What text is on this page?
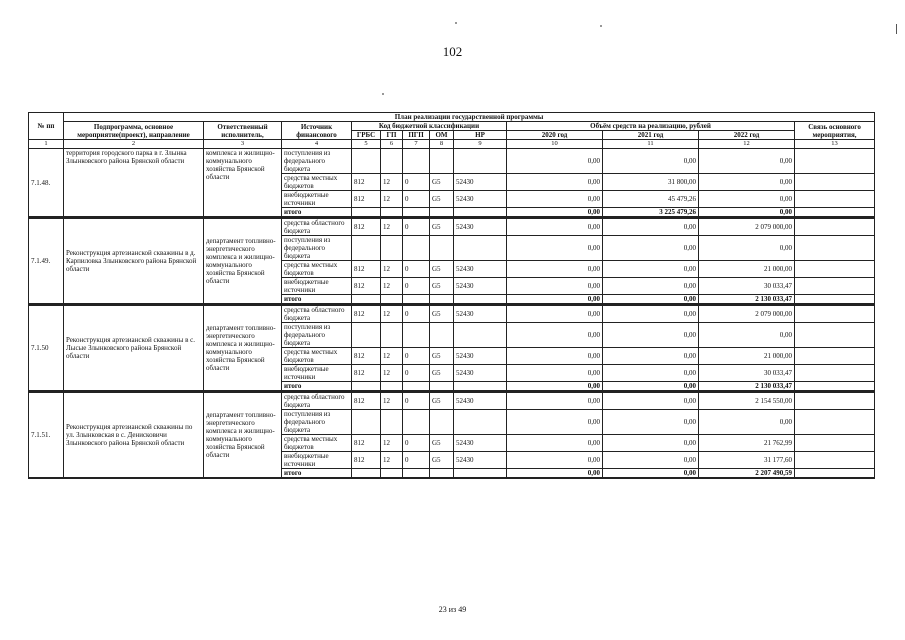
102
№ пп	План реализации государственной программы											
	Подпрограмма, основное мероприятие(проект), направление	Ответственный исполнитель,	Источник финансового	Код бюджетной классификации					Объём средств на реализацию, рублей			Связь основного мероприятия,
				ГРБС	ГП	ПГП	ОМ	НР	2020 год	2021 год	2022 год	
1	2	3	4	5	6	7	8	9	10	11	12	13
7.1.48.	территория городского парка в г. Злынка Злынковского района Брянской области	комплекса и жилищно-коммунального хозяйства Брянской области	поступления из федерального бюджета						0,00	0,00	0,00	
			средства местных бюджетов	812	12	0	G5	52430	0,00	31 800,00	0,00	
			внебюджетные источники	812	12	0	G5	52430	0,00	45 479,26	0,00	
			итого						0,00	3 225 479,26	0,00	
7.1.49.	Реконструкция артезианской скважины в д. Карпиловка Злынковского района Брянской области	департамент топливно-энергетического комплекса и жилищно-коммунального хозяйства Брянской области	средства областного бюджета	812	12	0	G5	52430	0,00	0,00	2 079 000,00	
			поступления из федерального бюджета						0,00	0,00	0,00	
			средства местных бюджетов	812	12	0	G5	52430	0,00	0,00	21 000,00	
			внебюджетные источники	812	12	0	G5	52430	0,00	0,00	30 033,47	
			итого						0,00	0,00	2 130 033,47	
7.1.50	Реконструкция артезианской скважины в с. Лысые Злынковского района Брянской области	департамент топливно-энергетического комплекса и жилищно-коммунального хозяйства Брянской области	средства областного бюджета	812	12	0	G5	52430	0,00	0,00	2 079 000,00	
			поступления из федерального бюджета						0,00	0,00	0,00	
			средства местных бюджетов	812	12	0	G5	52430	0,00	0,00	21 000,00	
			внебюджетные источники	812	12	0	G5	52430	0,00	0,00	30 033,47	
			итого						0,00	0,00	2 130 033,47	
7.1.51.	Реконструкция артезианской скважины по ул. Злынковская в с. Денисковичи Злынковского района Брянской области	департамент топливно-энергетического комплекса и жилищно-коммунального хозяйства Брянской области	средства областного бюджета	812	12	0	G5	52430	0,00	0,00	2 154 550,00	
			поступления из федерального бюджета						0,00	0,00	0,00	
			средства местных бюджетов	812	12	0	G5	52430	0,00	0,00	21 762,99	
			внебюджетные источники	812	12	0	G5	52430	0,00	0,00	31 177,60	
			итого						0,00	0,00	2 207 490,59	
23 из 49
